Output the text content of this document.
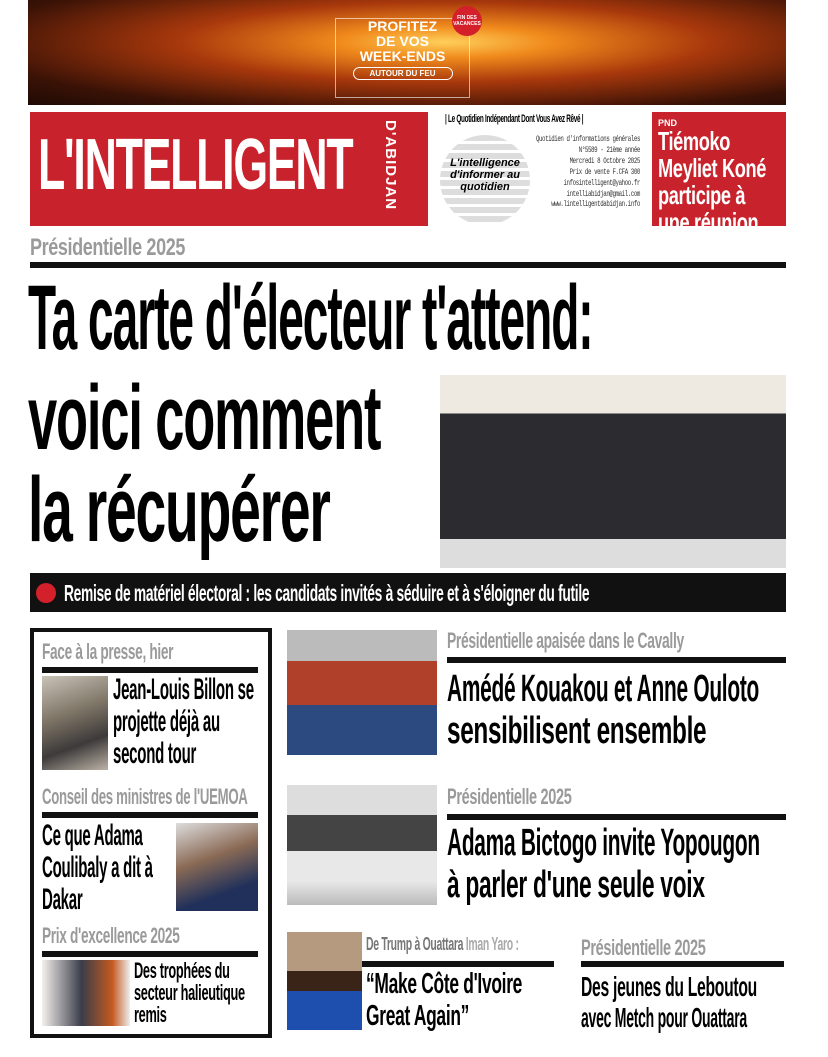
PROFITEZ
DE VOS
WEEK-ENDS
AUTOUR DU FEU
FIN DES VACANCES
L'INTELLIGENT D'ABIDJAN
| Le Quotidien Indépendant Dont Vous Avez Rêvé |
L'intelligence d'informer au quotidien
Quotidien d'informations générales
N°5589 - 21ème année
Mercredi 8 Octobre 2025
Prix de vente F.CFA 300
infosintelligent@yahoo.fr
intelliabidjan@gmail.com
www.lintelligentdabidjan.info
PND
Tiémoko Meyliet Koné participe à une réunion
Présidentielle 2025
Ta carte d'électeur t'attend:
voici comment
la récupérer
Remise de matériel électoral : les candidats invités à séduire et à s'éloigner du futile
Face à la presse, hier
Jean-Louis Billon se projette déjà au second tour
Conseil des ministres de l'UEMOA
Ce que Adama Coulibaly a dit à Dakar
Prix d'excellence 2025
Des trophées du secteur halieutique remis
Présidentielle apaisée dans le Cavally
Amédé Kouakou et Anne Ouloto
sensibilisent ensemble
Présidentielle 2025
Adama Bictogo invite Yopougon
à parler d'une seule voix
De Trump à Ouattara Iman Yaro :
“Make Côte d'Ivoire
Great Again”
Présidentielle 2025
Des jeunes du Leboutou
avec Metch pour Ouattara
